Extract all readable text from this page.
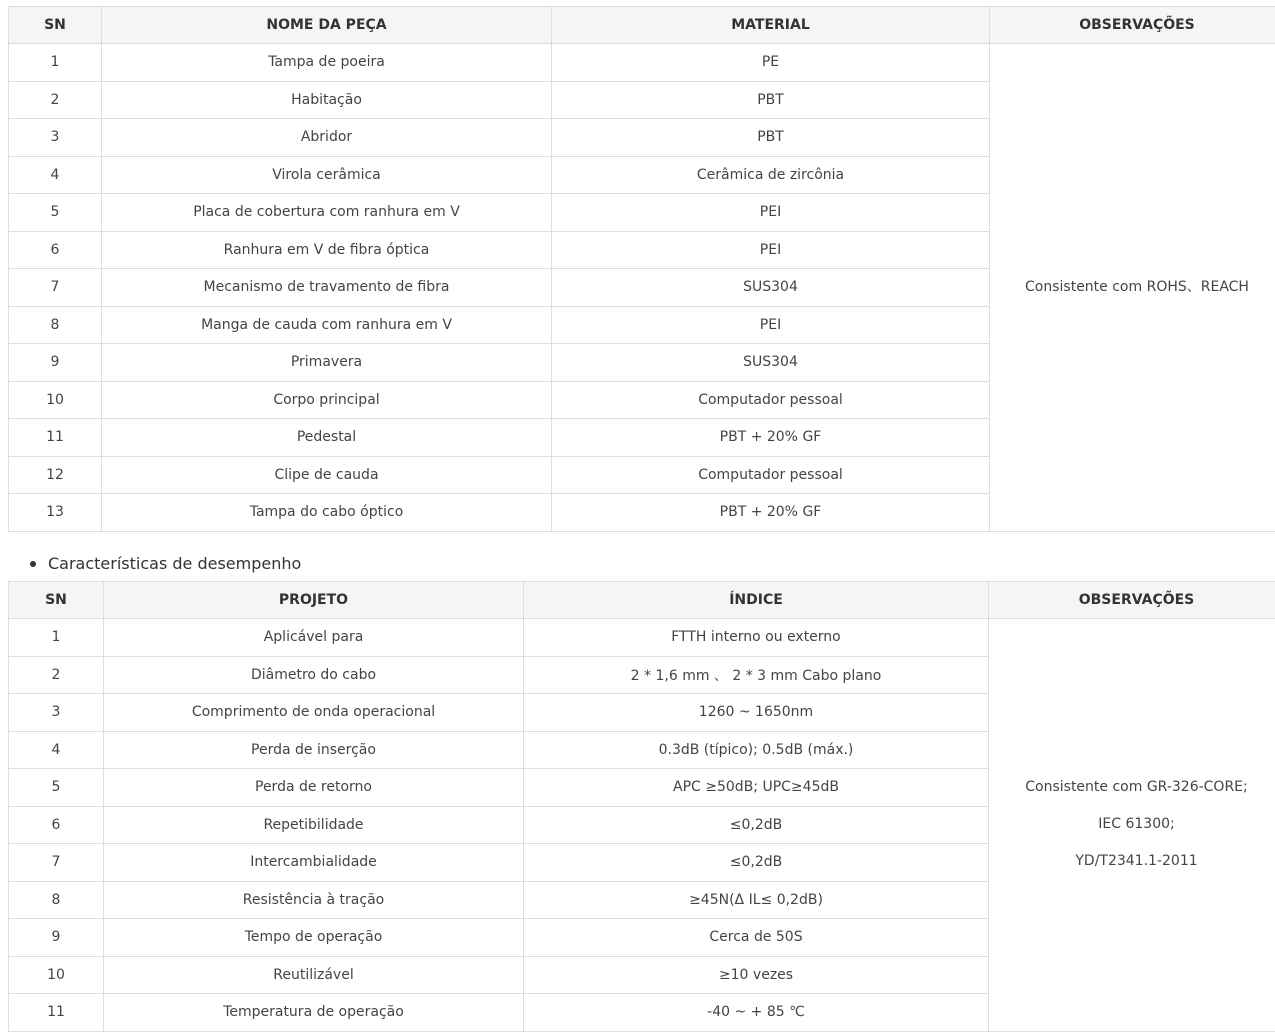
SN	NOME DA PEÇA	MATERIAL	OBSERVAÇÕES
1	Tampa de poeira	PE	Consistente com ROHS、REACH
2	Habitação	PBT	
3	Abridor	PBT	
4	Virola cerâmica	Cerâmica de zircônia	
5	Placa de cobertura com ranhura em V	PEI	
6	Ranhura em V de fibra óptica	PEI	
7	Mecanismo de travamento de fibra	SUS304	
8	Manga de cauda com ranhura em V	PEI	
9	Primavera	SUS304	
10	Corpo principal	Computador pessoal	
11	Pedestal	PBT + 20% GF	
12	Clipe de cauda	Computador pessoal	
13	Tampa do cabo óptico	PBT + 20% GF	
Características de desempenho
SN	PROJETO	ÍNDICE	OBSERVAÇÕES
1	Aplicável para	FTTH interno ou externo	Consistente com GR-326-CORE;
IEC 61300;
YD/T2341.1-2011

2	Diâmetro do cabo	2 * 1,6 mm 、 2 * 3 mm Cabo plano	
3	Comprimento de onda operacional	1260 ~ 1650nm	
4	Perda de inserção	0.3dB (típico); 0.5dB (máx.)	
5	Perda de retorno	APC ≥50dB; UPC≥45dB	
6	Repetibilidade	≤0,2dB	
7	Intercambialidade	≤0,2dB	
8	Resistência à tração	≥45N(Δ IL≤ 0,2dB)	
9	Tempo de operação	Cerca de 50S	
10	Reutilizável	≥10 vezes	
11	Temperatura de operação	-40 ~ + 85 ℃	
